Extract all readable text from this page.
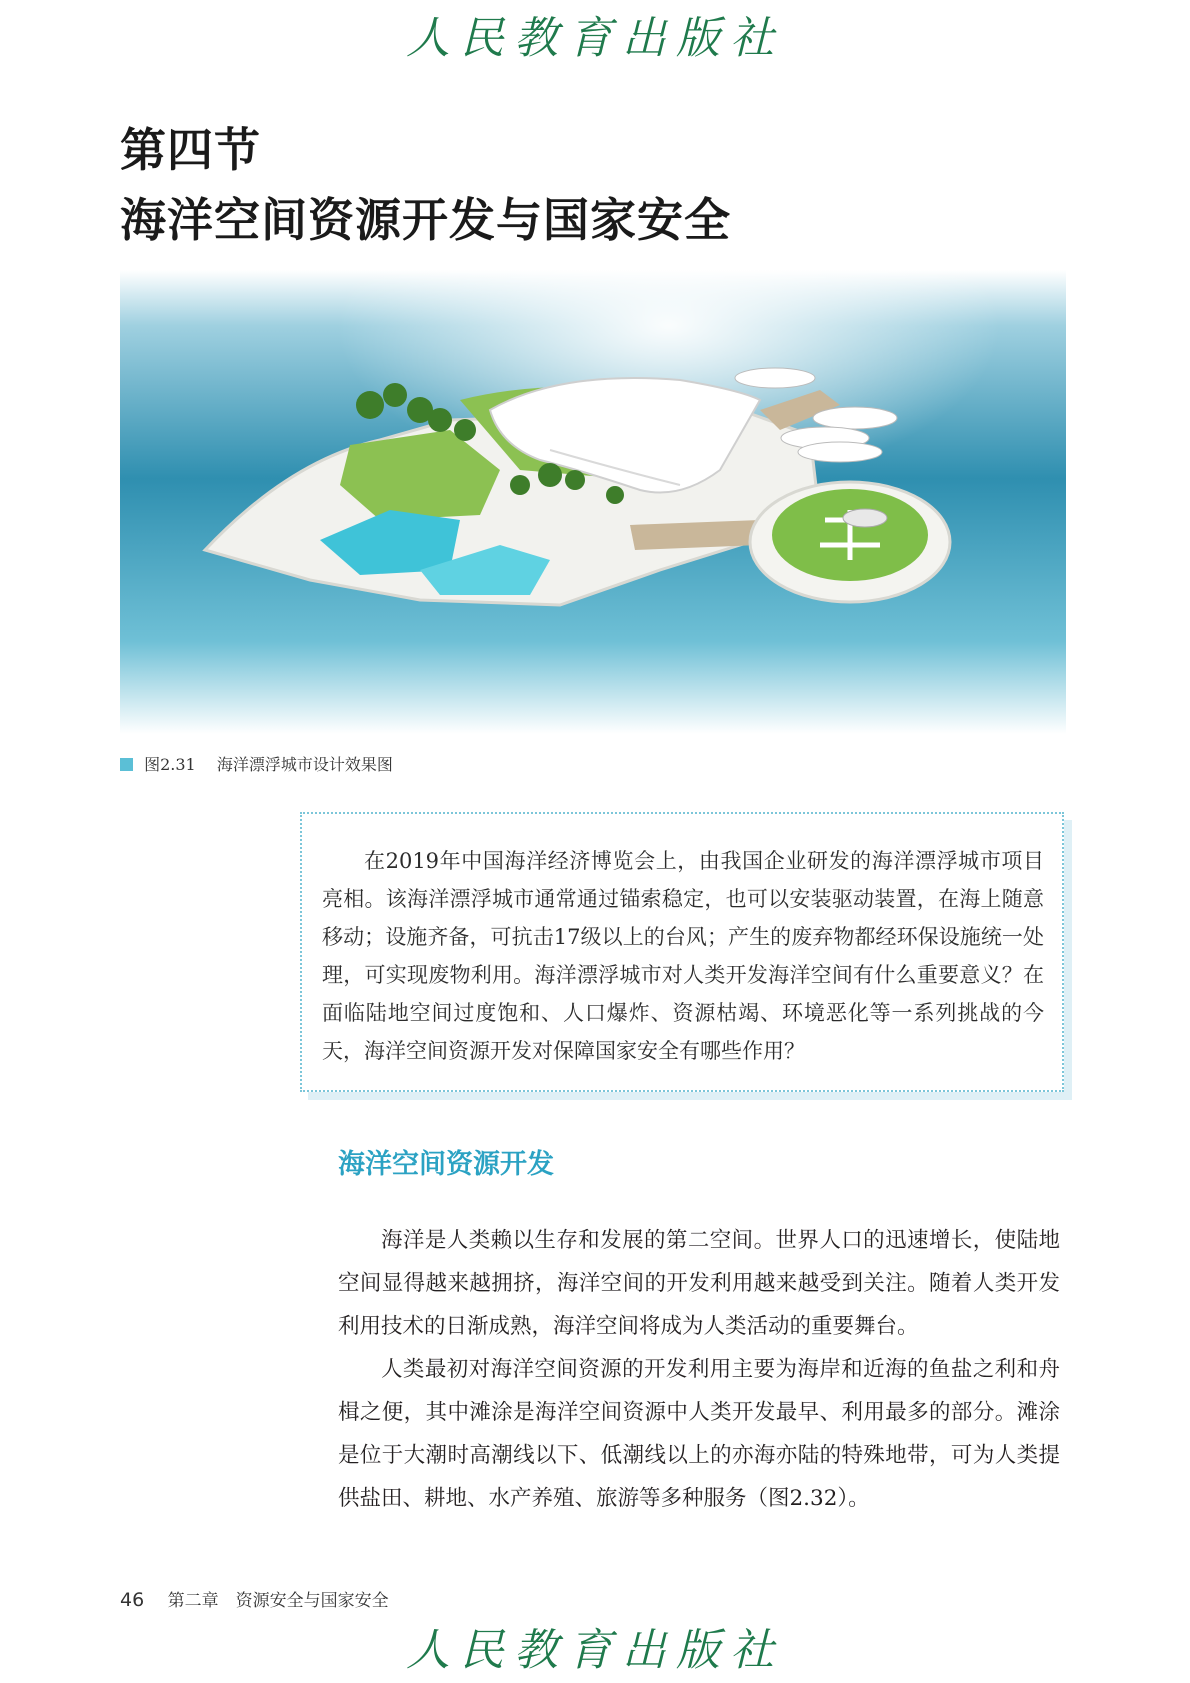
人民教育出版社
第四节
海洋空间资源开发与国家安全
图2.31 海洋漂浮城市设计效果图

在2019年中国海洋经济博览会上，由我国企业研发的海洋漂浮城市项目亮相。该海洋漂浮城市通常通过锚索稳定，也可以安装驱动装置，在海上随意移动；设施齐备，可抗击17级以上的台风；产生的废弃物都经环保设施统一处理，可实现废物利用。海洋漂浮城市对人类开发海洋空间有什么重要意义？在面临陆地空间过度饱和、人口爆炸、资源枯竭、环境恶化等一系列挑战的今天，海洋空间资源开发对保障国家安全有哪些作用？

海洋空间资源开发

海洋是人类赖以生存和发展的第二空间。世界人口的迅速增长，使陆地空间显得越来越拥挤，海洋空间的开发利用越来越受到关注。随着人类开发利用技术的日渐成熟，海洋空间将成为人类活动的重要舞台。

人类最初对海洋空间资源的开发利用主要为海岸和近海的鱼盐之利和舟楫之便，其中滩涂是海洋空间资源中人类开发最早、利用最多的部分。滩涂是位于大潮时高潮线以下、低潮线以上的亦海亦陆的特殊地带，可为人类提供盐田、耕地、水产养殖、旅游等多种服务（图2.32）。

46 第二章　资源安全与国家安全
人民教育出版社
